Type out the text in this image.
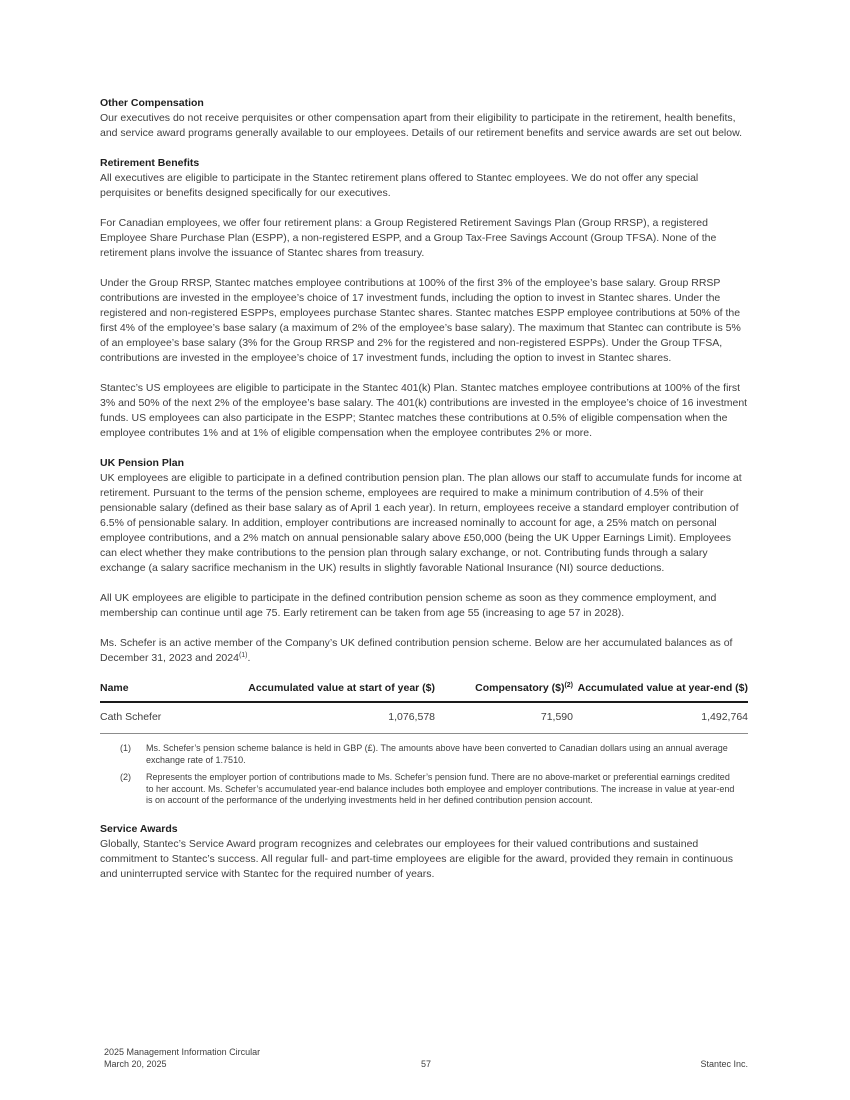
Other Compensation

Our executives do not receive perquisites or other compensation apart from their eligibility to participate in the retirement, health benefits, and service award programs generally available to our employees. Details of our retirement benefits and service awards are set out below.

Retirement Benefits

All executives are eligible to participate in the Stantec retirement plans offered to Stantec employees. We do not offer any special perquisites or benefits designed specifically for our executives.

For Canadian employees, we offer four retirement plans: a Group Registered Retirement Savings Plan (Group RRSP), a registered Employee Share Purchase Plan (ESPP), a non-registered ESPP, and a Group Tax-Free Savings Account (Group TFSA). None of the retirement plans involve the issuance of Stantec shares from treasury.

Under the Group RRSP, Stantec matches employee contributions at 100% of the first 3% of the employee’s base salary. Group RRSP contributions are invested in the employee’s choice of 17 investment funds, including the option to invest in Stantec shares. Under the registered and non-registered ESPPs, employees purchase Stantec shares. Stantec matches ESPP employee contributions at 50% of the first 4% of the employee’s base salary (a maximum of 2% of the employee’s base salary). The maximum that Stantec can contribute is 5% of an employee’s base salary (3% for the Group RRSP and 2% for the registered and non-registered ESPPs). Under the Group TFSA, contributions are invested in the employee’s choice of 17 investment funds, including the option to invest in Stantec shares.

Stantec’s US employees are eligible to participate in the Stantec 401(k) Plan. Stantec matches employee contributions at 100% of the first 3% and 50% of the next 2% of the employee’s base salary. The 401(k) contributions are invested in the employee’s choice of 16 investment funds. US employees can also participate in the ESPP; Stantec matches these contributions at 0.5% of eligible compensation when the employee contributes 1% and at 1% of eligible compensation when the employee contributes 2% or more.

UK Pension Plan

UK employees are eligible to participate in a defined contribution pension plan. The plan allows our staff to accumulate funds for income at retirement. Pursuant to the terms of the pension scheme, employees are required to make a minimum contribution of 4.5% of their pensionable salary (defined as their base salary as of April 1 each year). In return, employees receive a standard employer contribution of 6.5% of pensionable salary. In addition, employer contributions are increased nominally to account for age, a 25% match on personal employee contributions, and a 2% match on annual pensionable salary above £50,000 (being the UK Upper Earnings Limit). Employees can elect whether they make contributions to the pension plan through salary exchange, or not. Contributing funds through a salary exchange (a salary sacrifice mechanism in the UK) results in slightly favorable National Insurance (NI) source deductions.

All UK employees are eligible to participate in the defined contribution pension scheme as soon as they commence employment, and membership can continue until age 75. Early retirement can be taken from age 55 (increasing to age 57 in 2028).

Ms. Schefer is an active member of the Company’s UK defined contribution pension scheme. Below are her accumulated balances as of December 31, 2023 and 2024$^{(1)}$.

Name	Accumulated value at start of year ($)	Compensatory ($)$^{(2)}$	Accumulated value at year-end ($)
Cath Schefer	1,076,578	71,590	1,492,764
(1)	Ms. Schefer’s pension scheme balance is held in GBP (£). The amounts above have been converted to Canadian dollars using an annual average exchange rate of 1.7510.
(2)	Represents the employer portion of contributions made to Ms. Schefer’s pension fund. There are no above-market or preferential earnings credited to her account. Ms. Schefer’s accumulated year-end balance includes both employee and employer contributions. The increase in value at year-end is on account of the performance of the underlying investments held in her defined contribution pension account.
Service Awards

Globally, Stantec’s Service Award program recognizes and celebrates our employees for their valued contributions and sustained commitment to Stantec’s success. All regular full- and part-time employees are eligible for the award, provided they remain in continuous and uninterrupted service with Stantec for the required number of years.

2025 Management Information Circular
March 20, 2025	57	Stantec Inc.
